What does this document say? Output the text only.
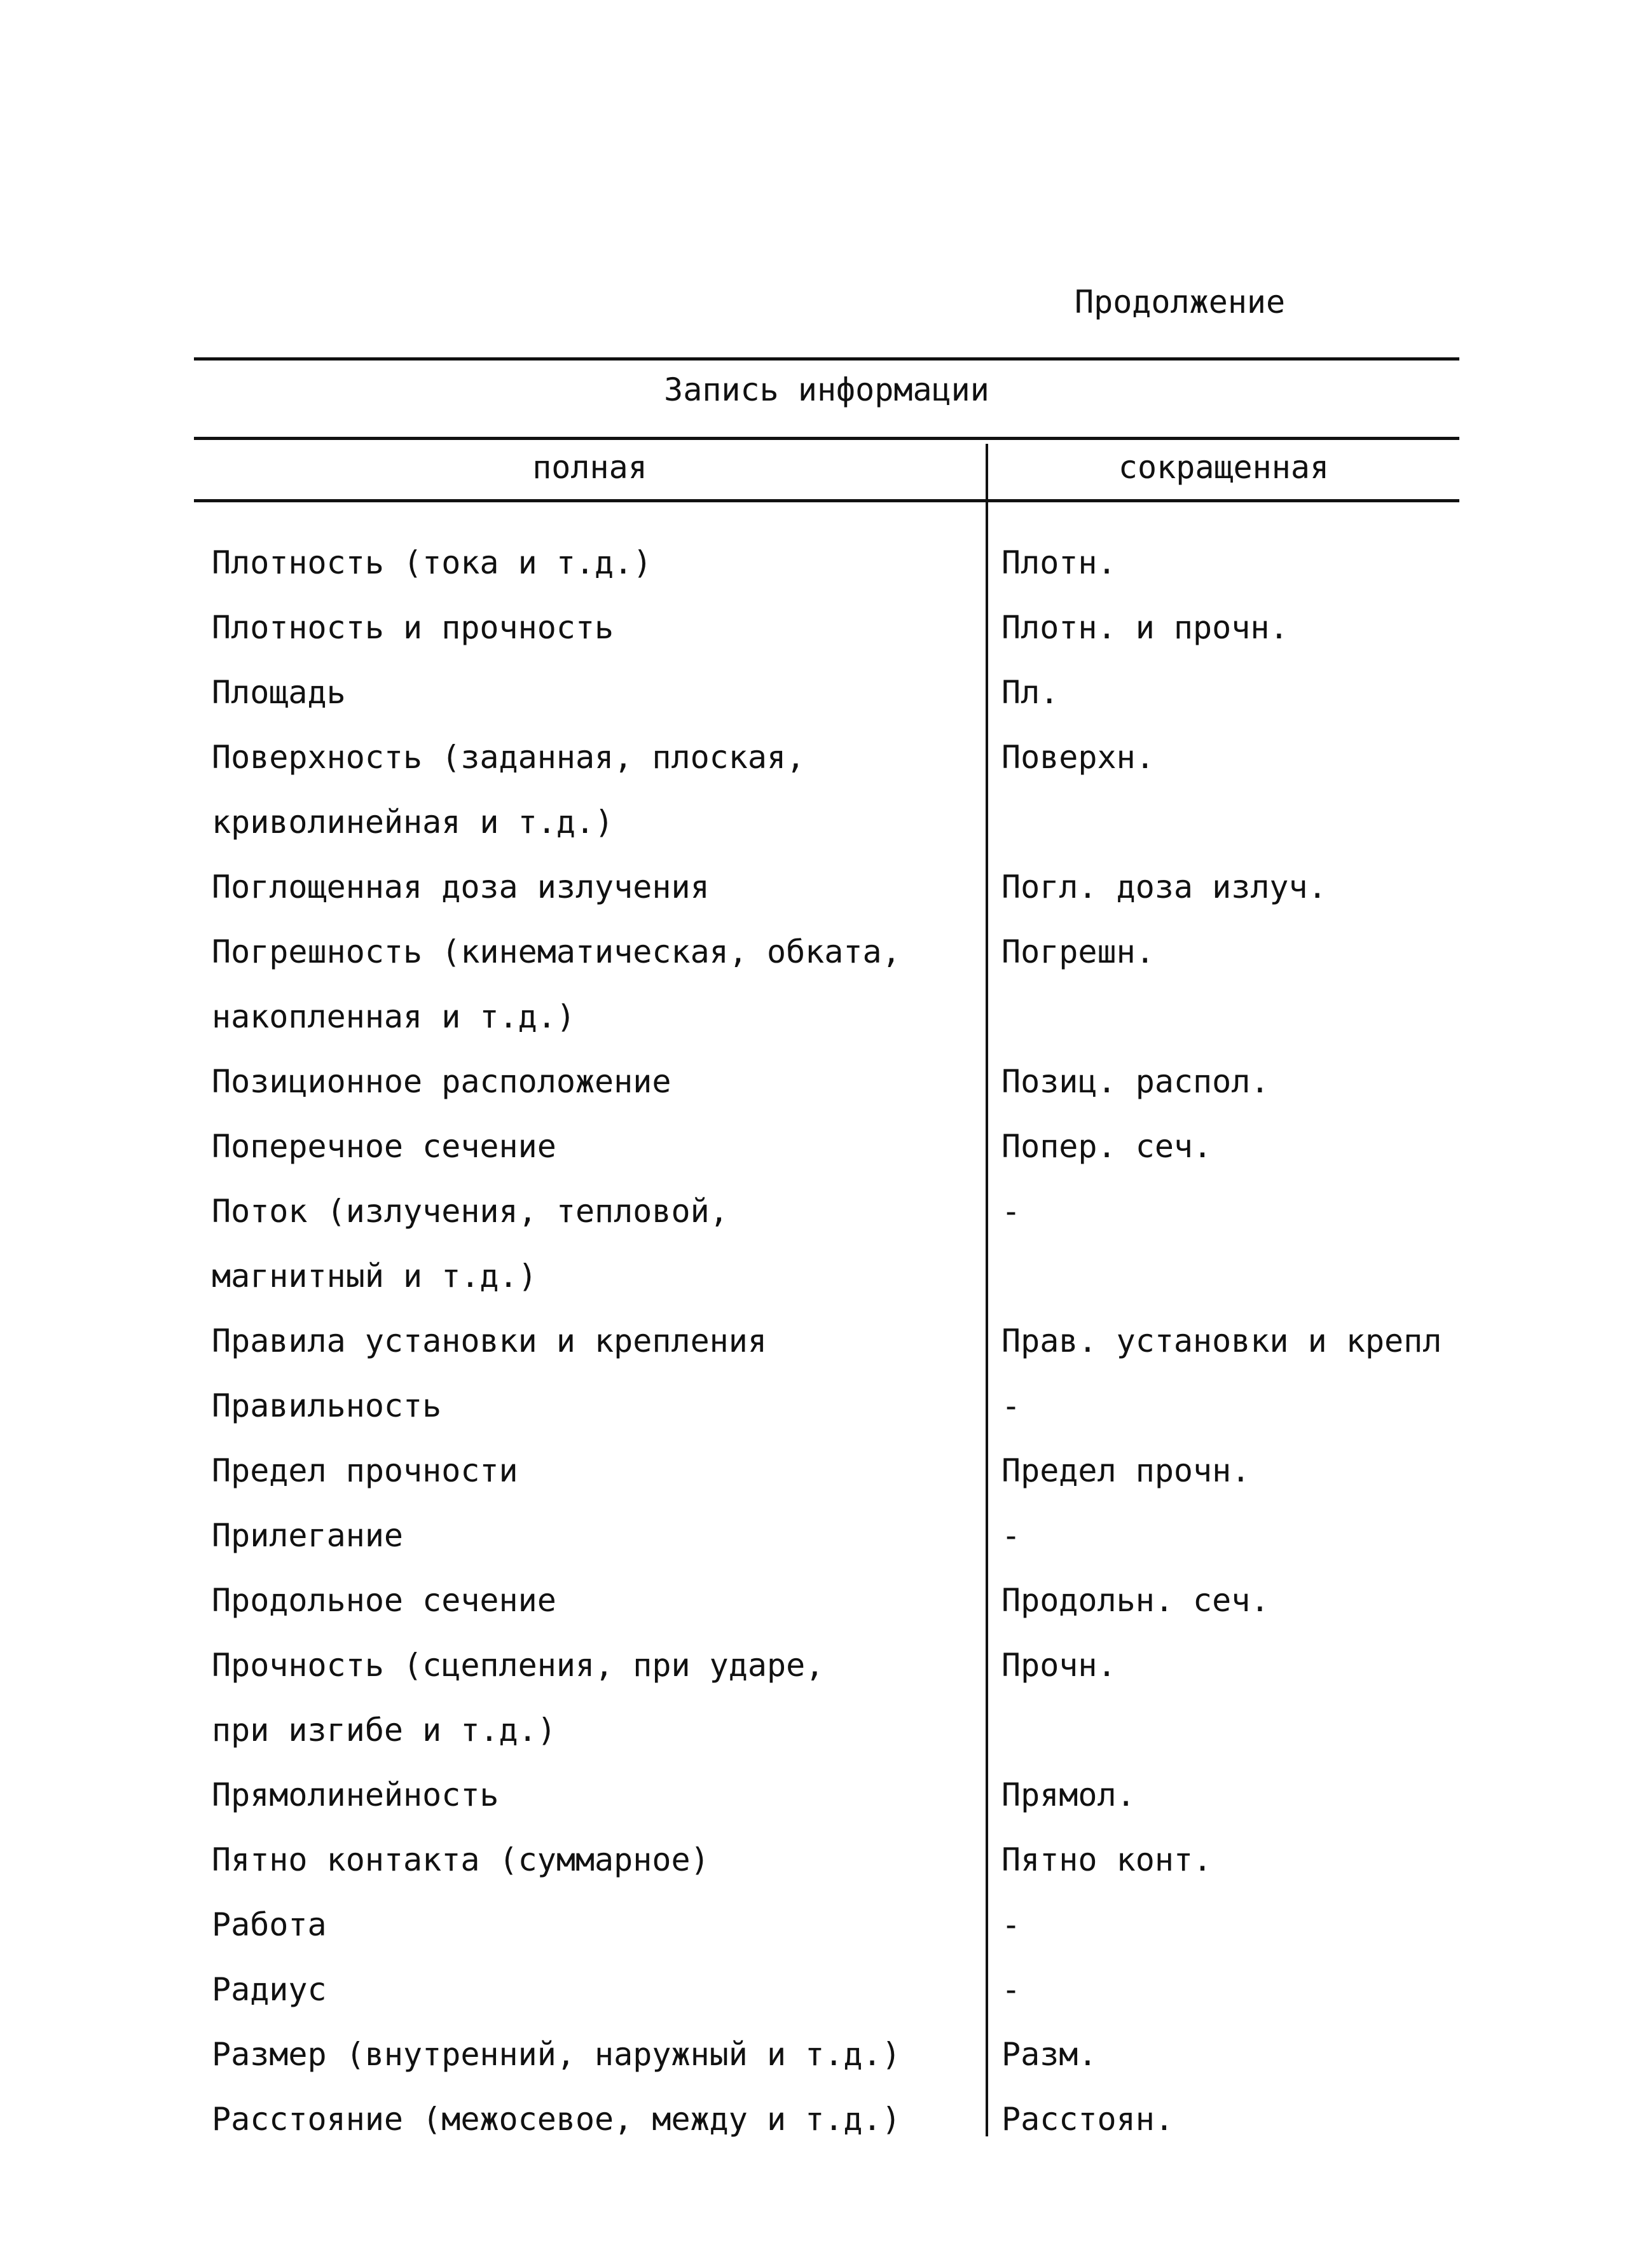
Продолжение
Запись информации
полная	сокращенная
Плотность (тока и т.д.)	Плотн.
Плотность и прочность	Плотн. и прочн.
Площадь	Пл.
Поверхность (заданная, плоская,	Поверхн.
криволинейная и т.д.)
Поглощенная доза излучения	Погл. доза излуч.
Погрешность (кинематическая, обката,	Погрешн.
накопленная и т.д.)
Позиционное расположение	Позиц. распол.
Поперечное сечение	Попер. сеч.
Поток (излучения, тепловой,	-
магнитный и т.д.)
Правила установки и крепления	Прав. установки и крепл
Правильность	-
Предел прочности	Предел прочн.
Прилегание	-
Продольное сечение	Продольн. сеч.
Прочность (сцепления, при ударе,	Прочн.
при изгибе и т.д.)
Прямолинейность	Прямол.
Пятно контакта (суммарное)	Пятно конт.
Работа	-
Радиус	-
Размер (внутренний, наружный и т.д.)	Разм.
Расстояние (межосевое, между и т.д.)	Расстоян.
